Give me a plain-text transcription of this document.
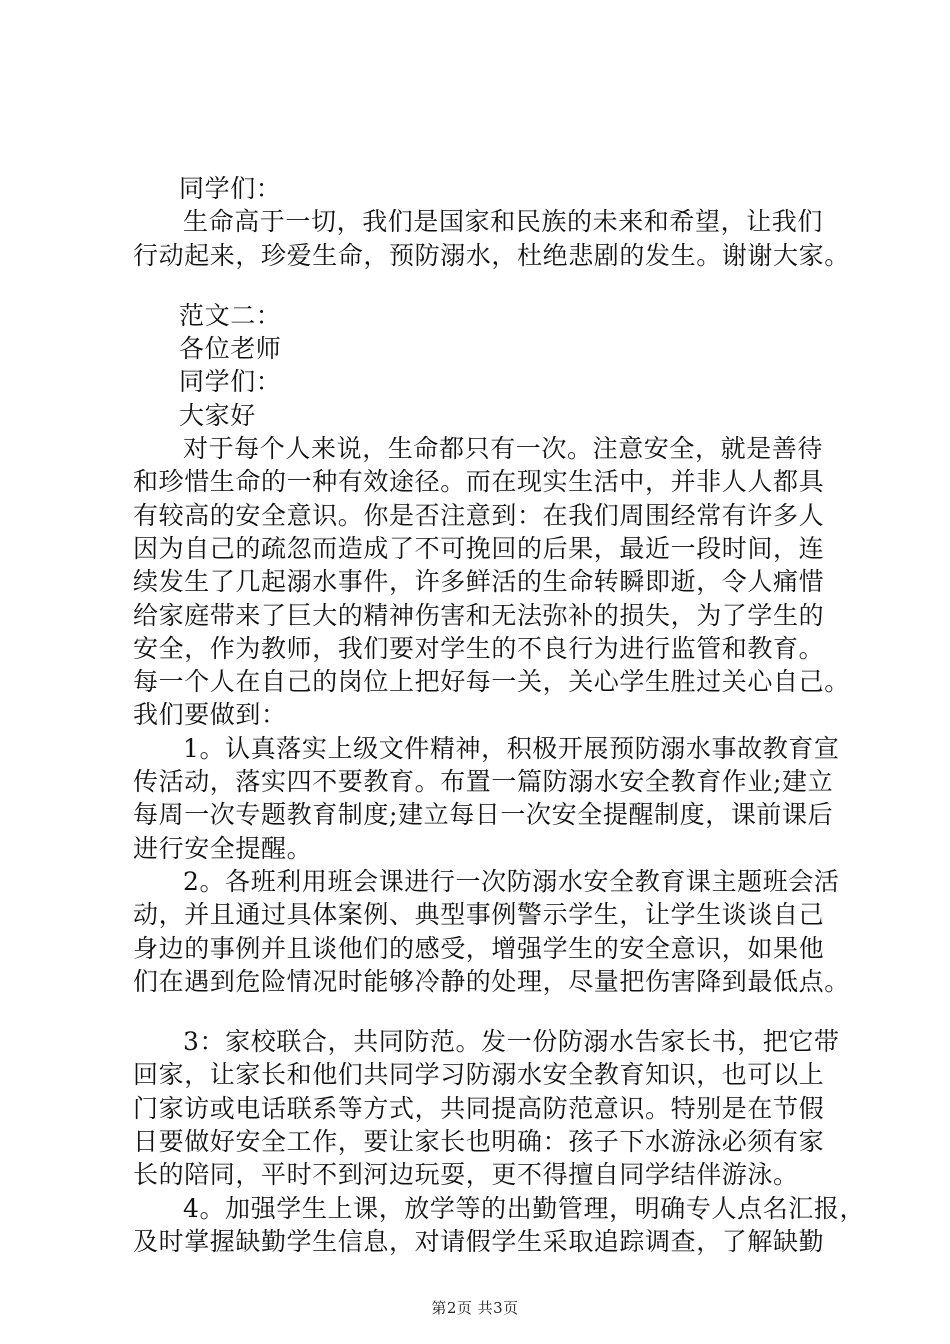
同学们：
生命高于一切，我们是国家和民族的未来和希望，让我们
行动起来，珍爱生命，预防溺水，杜绝悲剧的发生。谢谢大家。
范文二：
各位老师
同学们：
大家好
对于每个人来说，生命都只有一次。注意安全，就是善待
和珍惜生命的一种有效途径。而在现实生活中，并非人人都具
有较高的安全意识。你是否注意到：在我们周围经常有许多人
因为自己的疏忽而造成了不可挽回的后果，最近一段时间，连
续发生了几起溺水事件，许多鲜活的生命转瞬即逝，令人痛惜
给家庭带来了巨大的精神伤害和无法弥补的损失，为了学生的
安全，作为教师，我们要对学生的不良行为进行监管和教育。
每一个人在自己的岗位上把好每一关，关心学生胜过关心自己。
我们要做到：
1。认真落实上级文件精神，积极开展预防溺水事故教育宣
传活动，落实四不要教育。布置一篇防溺水安全教育作业;建立
每周一次专题教育制度;建立每日一次安全提醒制度，课前课后
进行安全提醒。
2。各班利用班会课进行一次防溺水安全教育课主题班会活
动，并且通过具体案例、典型事例警示学生，让学生谈谈自己
身边的事例并且谈他们的感受，增强学生的安全意识，如果他
们在遇到危险情况时能够冷静的处理，尽量把伤害降到最低点。
3：家校联合，共同防范。发一份防溺水告家长书，把它带
回家，让家长和他们共同学习防溺水安全教育知识，也可以上
门家访或电话联系等方式，共同提高防范意识。特别是在节假
日要做好安全工作，要让家长也明确：孩子下水游泳必须有家
长的陪同，平时不到河边玩耍，更不得擅自同学结伴游泳。
4。加强学生上课，放学等的出勤管理，明确专人点名汇报，
及时掌握缺勤学生信息，对请假学生采取追踪调查，了解缺勤
第2页 共3页
